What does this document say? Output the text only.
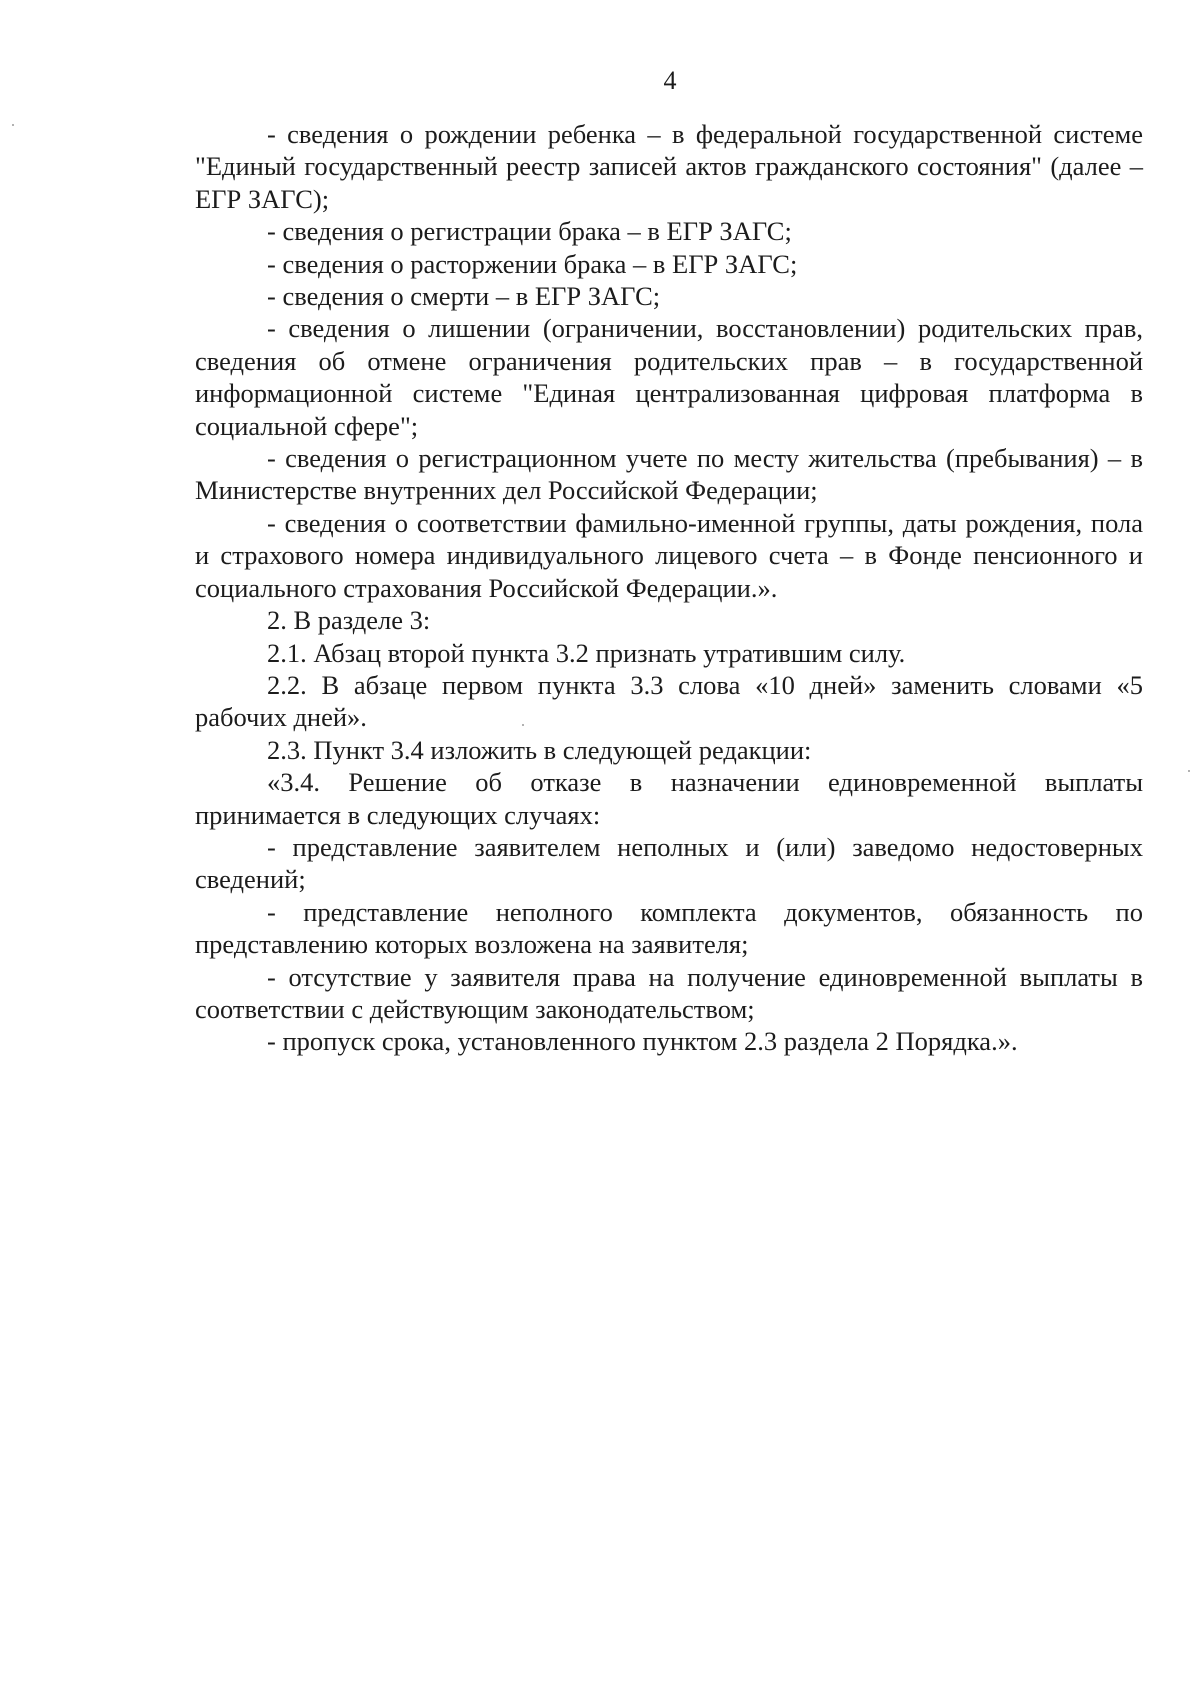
4

- сведения о рождении ребенка – в федеральной государственной системе "Единый государственный реестр записей актов гражданского состояния" (далее – ЕГР ЗАГС);

- сведения о регистрации брака – в ЕГР ЗАГС;

- сведения о расторжении брака – в ЕГР ЗАГС;

- сведения о смерти – в ЕГР ЗАГС;

- сведения о лишении (ограничении, восстановлении) родительских прав, сведения об отмене ограничения родительских прав – в государственной информационной системе "Единая централизованная цифровая платформа в социальной сфере";

- сведения о регистрационном учете по месту жительства (пребывания) – в Министерстве внутренних дел Российской Федерации;

- сведения о соответствии фамильно-именной группы, даты рождения, пола и страхового номера индивидуального лицевого счета – в Фонде пенсионного и социального страхования Российской Федерации.».

2. В разделе 3:

2.1. Абзац второй пункта 3.2 признать утратившим силу.

2.2. В абзаце первом пункта 3.3 слова «10 дней» заменить словами «5 рабочих дней».

2.3. Пункт 3.4 изложить в следующей редакции:

«3.4. Решение об отказе в назначении единовременной выплаты принимается в следующих случаях:

- представление заявителем неполных и (или) заведомо недостоверных сведений;

- представление неполного комплекта документов, обязанность по представлению которых возложена на заявителя;

- отсутствие у заявителя права на получение единовременной выплаты в соответствии с действующим законодательством;

- пропуск срока, установленного пунктом 2.3 раздела 2 Порядка.».
